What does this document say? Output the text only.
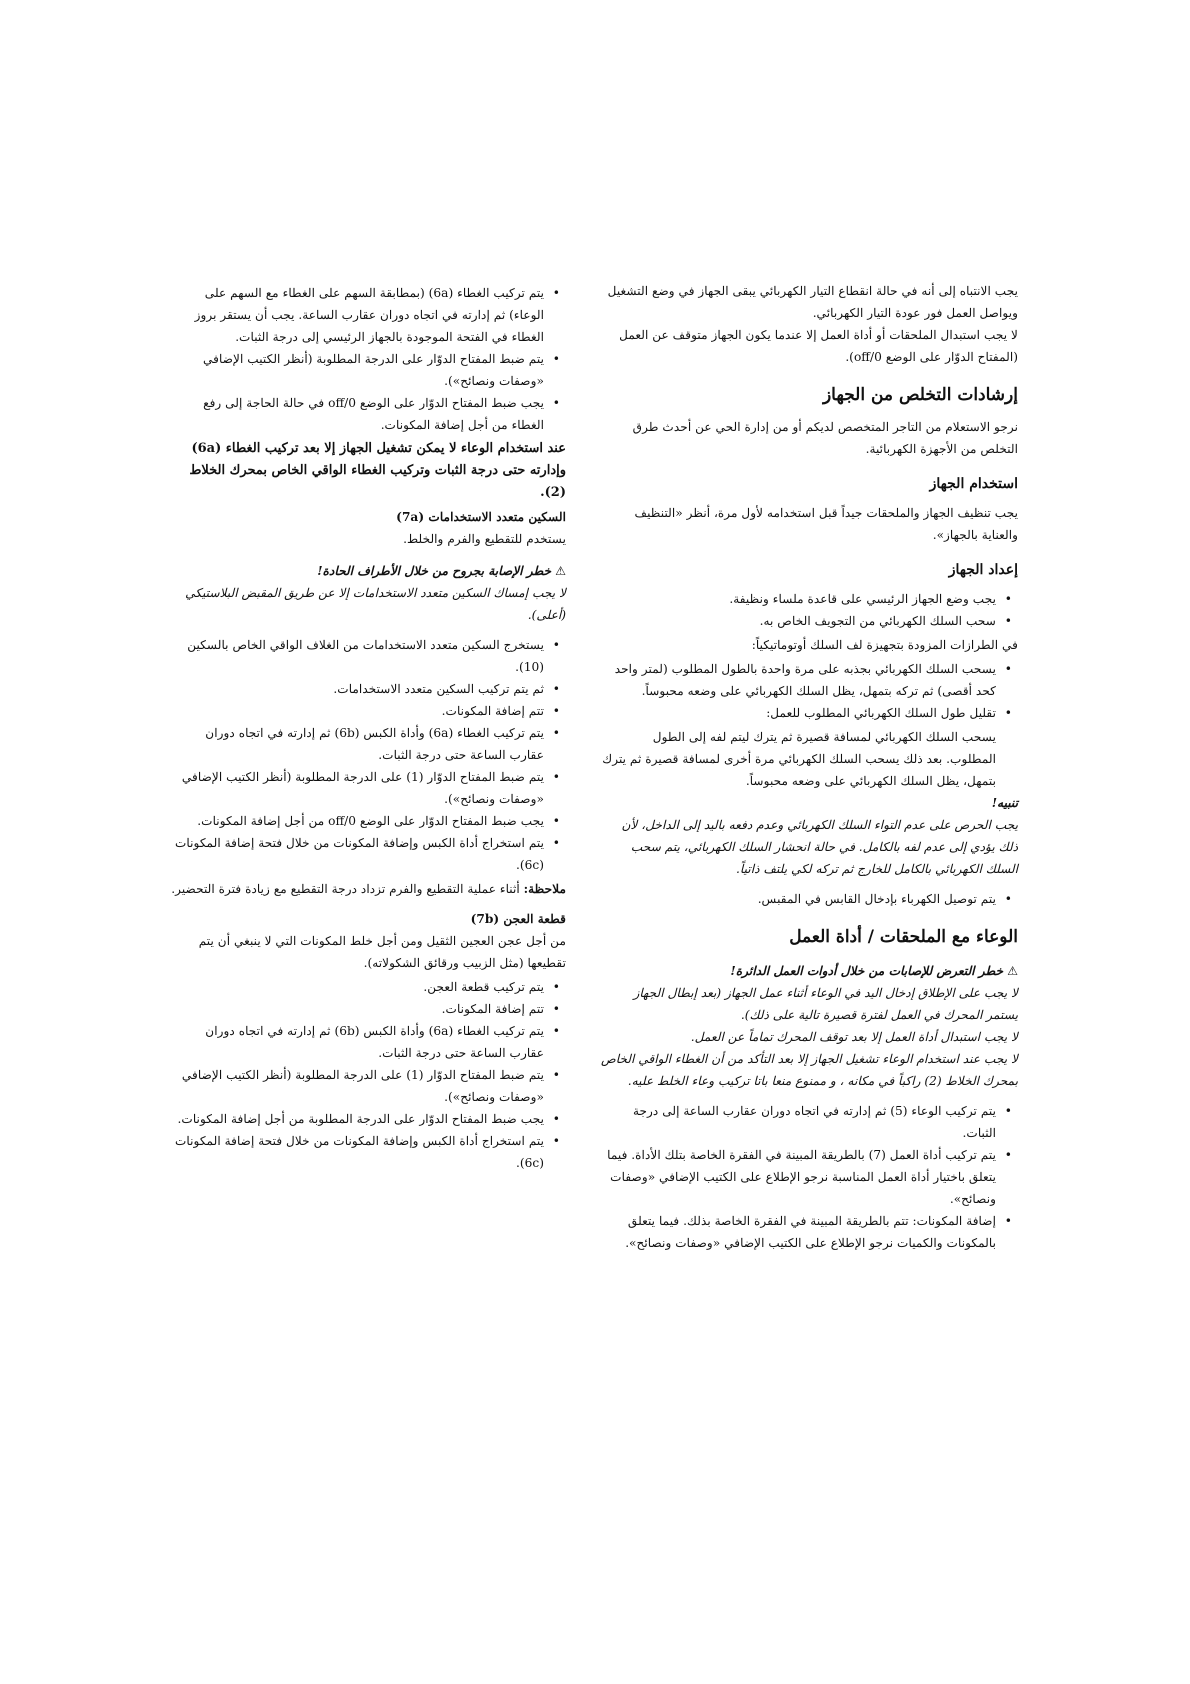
يجب الانتباه إلى أنه في حالة انقطاع التيار الكهربائي يبقى الجهاز في وضع التشغيل ويواصل العمل فور عودة التيار الكهربائي.

لا يجب استبدال الملحقات أو أداة العمل إلا عندما يكون الجهاز متوقف عن العمل (المفتاح الدوّار على الوضع 0/off).

إرشادات التخلص من الجهاز

نرجو الاستعلام من التاجر المتخصص لديكم أو من إدارة الحي عن أحدث طرق التخلص من الأجهزة الكهربائية.

استخدام الجهاز

يجب تنظيف الجهاز والملحقات جيداً قبل استخدامه لأول مرة، أنظر «التنظيف والعناية بالجهاز».

إعداد الجهاز
• يجب وضع الجهاز الرئيسي على قاعدة ملساء ونظيفة.
• سحب السلك الكهربائي من التجويف الخاص به.

في الطرازات المزودة بتجهيزة لف السلك أوتوماتيكياً:

• يسحب السلك الكهربائي بجذبه على مرة واحدة بالطول المطلوب (لمتر واحد كحد أقصى) ثم تركه بتمهل، يظل السلك الكهربائي على وضعه محبوساً.
• تقليل طول السلك الكهربائي المطلوب للعمل:

يسحب السلك الكهربائي لمسافة قصيرة ثم يترك ليتم لفه إلى الطول المطلوب. بعد ذلك يسحب السلك الكهربائي مرة أخرى لمسافة قصيرة ثم يترك بتمهل، يظل السلك الكهربائي على وضعه محبوساً.

تنبيه!

يجب الحرص على عدم التواء السلك الكهربائي وعدم دفعه باليد إلى الداخل، لأن ذلك يؤدي إلى عدم لفه بالكامل. في حالة انحشار السلك الكهربائي، يتم سحب السلك الكهربائي بالكامل للخارج ثم تركه لكي يلتف ذاتياً.

• يتم توصيل الكهرباء بإدخال القابس في المقبس.
الوعاء مع الملحقات / أداة العمل

⚠خطر التعرض للإصابات من خلال أدوات العمل الدائرة!

لا يجب على الإطلاق إدخال اليد في الوعاء أثناء عمل الجهاز (بعد إبطال الجهاز يستمر المحرك في العمل لفترة قصيرة تالية على ذلك).

لا يجب استبدال أداة العمل إلا بعد توقف المحرك تماماً عن العمل.

لا يجب عند استخدام الوعاء تشغيل الجهاز إلا بعد التأكد من أن الغطاء الواقي الخاص بمحرك الخلاط (2) راكباً في مكانه ، و ممنوع منعا باتا تركيب وعاء الخلط عليه.

• يتم تركيب الوعاء (5) ثم إدارته في اتجاه دوران عقارب الساعة إلى درجة الثبات.
• يتم تركيب أداة العمل (7) بالطريقة المبينة في الفقرة الخاصة بتلك الأداة. فيما يتعلق باختيار أداة العمل المناسبة نرجو الإطلاع على الكتيب الإضافي «وصفات ونصائح».
• إضافة المكونات: تتم بالطريقة المبينة في الفقرة الخاصة بذلك. فيما يتعلق بالمكونات والكميات نرجو الإطلاع على الكتيب الإضافي «وصفات ونصائح».
• يتم تركيب الغطاء (6a) (بمطابقة السهم على الغطاء مع السهم على الوعاء) ثم إدارته في اتجاه دوران عقارب الساعة. يجب أن يستقر بروز الغطاء في الفتحة الموجودة بالجهاز الرئيسي إلى درجة الثبات.
• يتم ضبط المفتاح الدوّار على الدرجة المطلوبة (أنظر الكتيب الإضافي «وصفات ونصائح»).
• يجب ضبط المفتاح الدوّار على الوضع 0/off في حالة الحاجة إلى رفع الغطاء من أجل إضافة المكونات.

عند استخدام الوعاء لا يمكن تشغيل الجهاز إلا بعد تركيب الغطاء (6a) وإدارته حتى درجة الثبات وتركيب الغطاء الواقي الخاص بمحرك الخلاط (2).

السكين متعدد الاستخدامات (7a)

يستخدم للتقطيع والفرم والخلط.

⚠خطر الإصابة بجروح من خلال الأطراف الحادة!

لا يجب إمساك السكين متعدد الاستخدامات إلا عن طريق المقبض البلاستيكي (أعلى).

• يستخرج السكين متعدد الاستخدامات من الغلاف الواقي الخاص بالسكين (10).
• ثم يتم تركيب السكين متعدد الاستخدامات.
• تتم إضافة المكونات.
• يتم تركيب الغطاء (6a) وأداة الكبس (6b) ثم إدارته في اتجاه دوران عقارب الساعة حتى درجة الثبات.
• يتم ضبط المفتاح الدوّار (1) على الدرجة المطلوبة (أنظر الكتيب الإضافي «وصفات ونصائح»).
• يجب ضبط المفتاح الدوّار على الوضع 0/off من أجل إضافة المكونات.
• يتم استخراج أداة الكبس وإضافة المكونات من خلال فتحة إضافة المكونات (6c).

ملاحظة: أثناء عملية التقطيع والفرم تزداد درجة التقطيع مع زيادة فترة التحضير.

قطعة العجن (7b)

من أجل عجن العجين الثقيل ومن أجل خلط المكونات التي لا ينبغي أن يتم تقطيعها (مثل الزبيب ورقائق الشكولاته).

• يتم تركيب قطعة العجن.
• تتم إضافة المكونات.
• يتم تركيب الغطاء (6a) وأداة الكبس (6b) ثم إدارته في اتجاه دوران عقارب الساعة حتى درجة الثبات.
• يتم ضبط المفتاح الدوّار (1) على الدرجة المطلوبة (أنظر الكتيب الإضافي «وصفات ونصائح»).
• يجب ضبط المفتاح الدوّار على الدرجة المطلوبة من أجل إضافة المكونات.
• يتم استخراج أداة الكبس وإضافة المكونات من خلال فتحة إضافة المكونات (6c).
